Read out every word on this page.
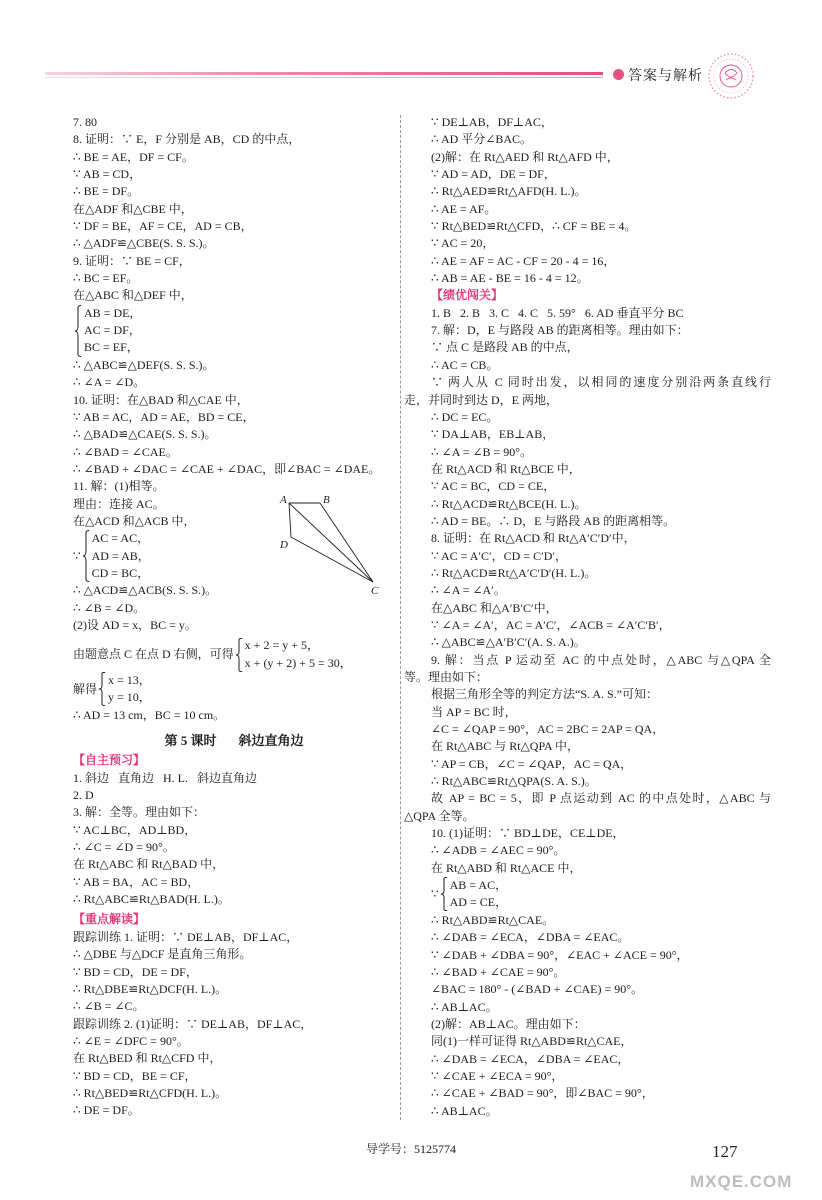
答案与解析
7. 80
8. 证明：∵ E，F 分别是 AB，CD 的中点，
∴ BE = AE，DF = CF。
∵ AB = CD，
∴ BE = DF。
在△ADF 和△CBE 中，
∵ DF = BE，AF = CE，AD = CB，
∴ △ADF≌△CBE(S. S. S.)。
9. 证明：∵ BE = CF，
∴ BC = EF。
在△ABC 和△DEF 中，
AB = DE，
AC = DF，
BC = EF，
∴ △ABC≌△DEF(S. S. S.)。
∴ ∠A = ∠D。
10. 证明：在△BAD 和△CAE 中，
∵ AB = AC，AD = AE，BD = CE，
∴ △BAD≌△CAE(S. S. S.)。
∴ ∠BAD = ∠CAE。
∴ ∠BAD + ∠DAC = ∠CAE + ∠DAC，即∠BAC = ∠DAE。
11. 解：(1)相等。
理由：连接 AC。
在△ACD 和△ACB 中，
∵
AC = AC，
AD = AB，
CD = BC，
∴ △ACD≌△ACB(S. S. S.)。
∴ ∠B = ∠D。
(2)设 AD = x，BC = y。
由题意点 C 在点 D 右侧，可得
x + 2 = y + 5，
x + (y + 2) + 5 = 30，
解得
x = 13，
y = 10，
∴ AD = 13 cm，BC = 10 cm。
第 5 课时 斜边直角边
【自主预习】
1. 斜边   直角边   H. L.   斜边直角边
2. D
3. 解：全等。理由如下：
∵ AC⊥BC，AD⊥BD，
∴ ∠C = ∠D = 90°。
在 Rt△ABC 和 Rt△BAD 中，
∵ AB = BA，AC = BD，
∴ Rt△ABC≌Rt△BAD(H. L.)。
【重点解读】
跟踪训练 1. 证明：∵ DE⊥AB，DF⊥AC，
∴ △DBE 与△DCF 是直角三角形。
∵ BD = CD，DE = DF，
∴ Rt△DBE≌Rt△DCF(H. L.)。
∴ ∠B = ∠C。
跟踪训练 2. (1)证明：∵ DE⊥AB，DF⊥AC，
∴ ∠E = ∠DFC = 90°。
在 Rt△BED 和 Rt△CFD 中，
∵ BD = CD，BE = CF，
∴ Rt△BED≌Rt△CFD(H. L.)。
∴ DE = DF。
A	B
D
C
∵ DE⊥AB，DF⊥AC，
∴ AD 平分∠BAC。
(2)解：在 Rt△AED 和 Rt△AFD 中，
∵ AD = AD，DE = DF，
∴ Rt△AED≌Rt△AFD(H. L.)。
∴ AE = AF。
∵ Rt△BED≌Rt△CFD，∴ CF = BE = 4。
∵ AC = 20，
∴ AE = AF = AC - CF = 20 - 4 = 16，
∴ AB = AE - BE = 16 - 4 = 12。
【绩优闯关】
1. B   2. B   3. C   4. C   5. 59°   6. AD 垂直平分 BC
7. 解：D，E 与路段 AB 的距离相等。理由如下：
∵ 点 C 是路段 AB 的中点，
∴ AC = CB。
∵ 两人从 C 同时出发，以相同的速度分别沿两条直线行
走，并同时到达 D，E 两地，
∴ DC = EC。
∵ DA⊥AB，EB⊥AB，
∴ ∠A = ∠B = 90°。
在 Rt△ACD 和 Rt△BCE 中，
∵ AC = BC，CD = CE，
∴ Rt△ACD≌Rt△BCE(H. L.)。
∴ AD = BE。∴ D，E 与路段 AB 的距离相等。
8. 证明：在 Rt△ACD 和 Rt△A′C′D′中，
∵ AC = A′C′，CD = C′D′，
∴ Rt△ACD≌Rt△A′C′D′(H. L.)。
∴ ∠A = ∠A′。
在△ABC 和△A′B′C′中，
∵ ∠A = ∠A′，AC = A′C′，∠ACB = ∠A′C′B′，
∴ △ABC≌△A′B′C′(A. S. A.)。
9. 解：当点 P 运动至 AC 的中点处时，△ABC 与△QPA 全
等。理由如下：
根据三角形全等的判定方法“S. A. S.”可知：
当 AP = BC 时，
∠C = ∠QAP = 90°，AC = 2BC = 2AP = QA，
在 Rt△ABC 与 Rt△QPA 中，
∵ AP = CB，∠C = ∠QAP，AC = QA，
∴ Rt△ABC≌Rt△QPA(S. A. S.)。
故 AP = BC = 5，即 P 点运动到 AC 的中点处时，△ABC 与
△QPA 全等。
10. (1)证明：∵ BD⊥DE，CE⊥DE，
∴ ∠ADB = ∠AEC = 90°。
在 Rt△ABD 和 Rt△ACE 中，
∵
AB = AC，
AD = CE，
∴ Rt△ABD≌Rt△CAE。
∴ ∠DAB = ∠ECA，∠DBA = ∠EAC。
∵ ∠DAB + ∠DBA = 90°，∠EAC + ∠ACE = 90°，
∴ ∠BAD + ∠CAE = 90°。
∠BAC = 180° - (∠BAD + ∠CAE) = 90°。
∴ AB⊥AC。
(2)解：AB⊥AC。理由如下：
同(1)一样可证得 Rt△ABD≌Rt△CAE，
∴ ∠DAB = ∠ECA，∠DBA = ∠EAC，
∵ ∠CAE + ∠ECA = 90°，
∴ ∠CAE + ∠BAD = 90°，即∠BAC = 90°，
∴ AB⊥AC。
导学号：5125774	127
MXQE.COM
